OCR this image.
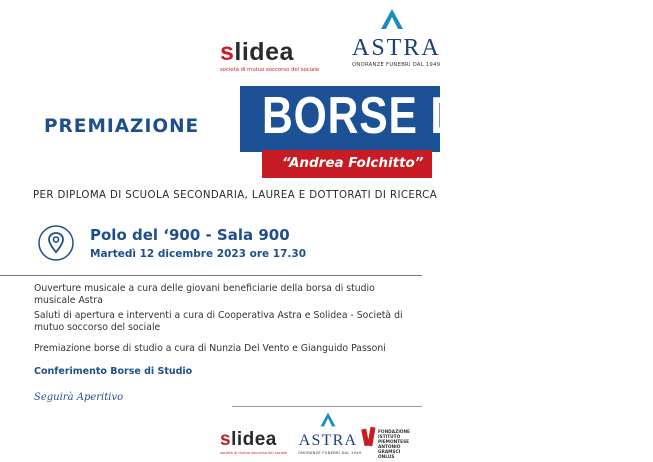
slidea
società di mutuo soccorso del sociale
ASTRA
ONORANZE FUNEBRI DAL 1949
PREMIAZIONE BORSE DI STUDIO
“Andrea Folchitto”
PER DIPLOMA DI SCUOLA SECONDARIA, LAUREA E DOTTORATI DI RICERCA
Polo del ‘900 - Sala 900
Martedì 12 dicembre 2023 ore 17.30
Ouverture musicale a cura delle giovani beneficiarie della borsa di studio musicale Astra
Saluti di apertura e interventi a cura di Cooperativa Astra e Solidea - Società di mutuo soccorso del sociale
Premiazione borse di studio a cura di Nunzia Del Vento e Gianguido Passoni
Conferimento Borse di Studio
Seguirà Aperitivo
slidea
società di mutuo soccorso del sociale
ASTRA
ONORANZE FUNEBRI DAL 1949
FONDAZIONE
ISTITUTO PIEMONTESE
ANTONIO GRAMSCI
ONLUS
